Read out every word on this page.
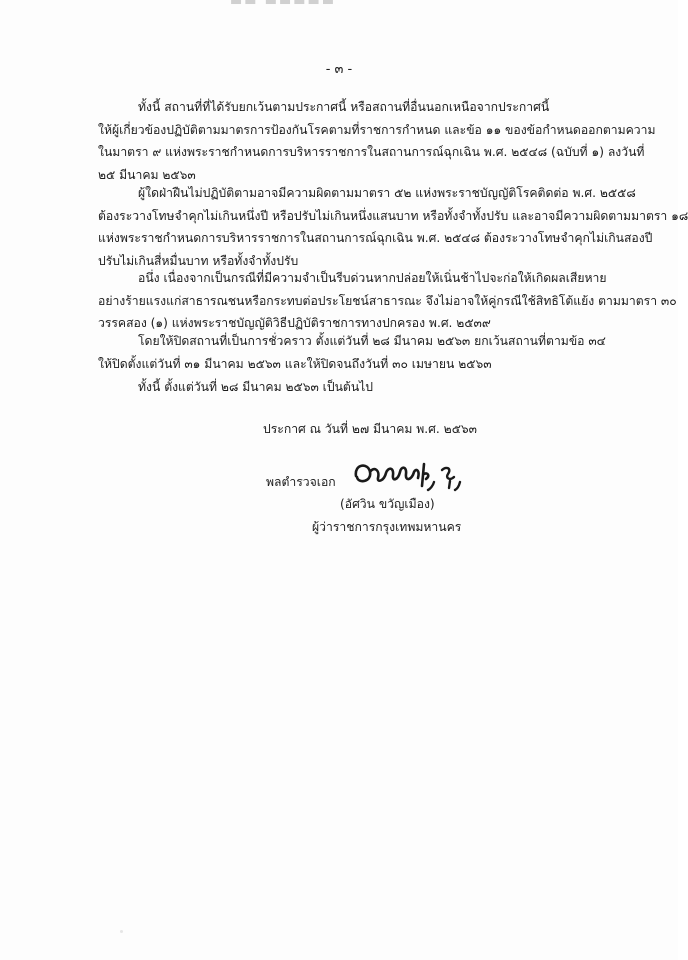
▬▬ ▬▬▬▬▬
- ๓ -
ทั้งนี้ สถานที่ที่ได้รับยกเว้นตามประกาศนี้ หรือสถานที่อื่นนอกเหนือจากประกาศนี้
ให้ผู้เกี่ยวข้องปฏิบัติตามมาตรการป้องกันโรคตามที่ราชการกำหนด และข้อ ๑๑ ของข้อกำหนดออกตามความ
ในมาตรา ๙ แห่งพระราชกำหนดการบริหารราชการในสถานการณ์ฉุกเฉิน พ.ศ. ๒๕๔๘ (ฉบับที่ ๑) ลงวันที่
๒๕ มีนาคม ๒๕๖๓
ผู้ใดฝ่าฝืนไม่ปฏิบัติตามอาจมีความผิดตามมาตรา ๕๒ แห่งพระราชบัญญัติโรคติดต่อ พ.ศ. ๒๕๕๘
ต้องระวางโทษจำคุกไม่เกินหนึ่งปี หรือปรับไม่เกินหนึ่งแสนบาท หรือทั้งจำทั้งปรับ และอาจมีความผิดตามมาตรา ๑๘
แห่งพระราชกำหนดการบริหารราชการในสถานการณ์ฉุกเฉิน พ.ศ. ๒๕๔๘ ต้องระวางโทษจำคุกไม่เกินสองปี
ปรับไม่เกินสี่หมื่นบาท หรือทั้งจำทั้งปรับ
อนึ่ง เนื่องจากเป็นกรณีที่มีความจำเป็นรีบด่วนหากปล่อยให้เนิ่นช้าไปจะก่อให้เกิดผลเสียหาย
อย่างร้ายแรงแก่สาธารณชนหรือกระทบต่อประโยชน์สาธารณะ จึงไม่อาจให้คู่กรณีใช้สิทธิโต้แย้ง ตามมาตรา ๓๐
วรรคสอง (๑) แห่งพระราชบัญญัติวิธีปฏิบัติราชการทางปกครอง พ.ศ. ๒๕๓๙
โดยให้ปิดสถานที่เป็นการชั่วคราว ตั้งแต่วันที่ ๒๘ มีนาคม ๒๕๖๓ ยกเว้นสถานที่ตามข้อ ๓๔
ให้ปิดตั้งแต่วันที่ ๓๑ มีนาคม ๒๕๖๓ และให้ปิดจนถึงวันที่ ๓๐ เมษายน ๒๕๖๓
ทั้งนี้ ตั้งแต่วันที่ ๒๘ มีนาคม ๒๕๖๓ เป็นต้นไป
ประกาศ ณ วันที่ ๒๗ มีนาคม พ.ศ. ๒๕๖๓
พลตำรวจเอก
(อัศวิน ขวัญเมือง)
ผู้ว่าราชการกรุงเทพมหานคร
